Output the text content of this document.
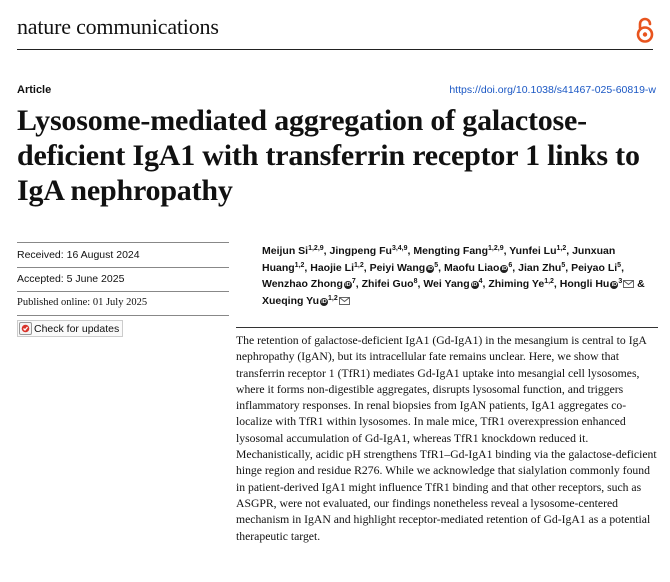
nature communications
Article	https://doi.org/10.1038/s41467-025-60819-w
Lysosome-mediated aggregation of galactose-deficient IgA1 with transferrin receptor 1 links to IgA nephropathy
Received: 16 August 2024
Accepted: 5 June 2025
Published online: 01 July 2025
Check for updates

Meijun Si$^{1,2,9}$, Jingpeng Fu$^{3,4,9}$, Mengting Fang$^{1,2,9}$, Yunfei Lu$^{1,2}$, Junxuan Huang$^{1,2}$, Haojie Li$^{1,2}$, Peiyi Wang $iD^5$, Maofu Liao $iD^6$, Jian Zhu$^5$, Peiyao Li$^5$, Wenzhao Zhong $iD^7$, Zhifei Guo$^8$, Wei Yang $iD^4$, Zhiming Ye$^{1,2}$, Hongli Hu $iD^3$ & Xueqing Yu iD$^{1,2}$

The retention of galactose-deficient IgA1 (Gd-IgA1) in the mesangium is central to IgA nephropathy (IgAN), but its intracellular fate remains unclear. Here, we show that transferrin receptor 1 (TfR1) mediates Gd-IgA1 uptake into mesangial cell lysosomes, where it forms non-digestible aggregates, disrupts lysosomal function, and triggers inflammatory responses. In renal biopsies from IgAN patients, IgA1 aggregates co-localize with TfR1 within lysosomes. In male mice, TfR1 overexpression enhanced lysosomal accumulation of Gd-IgA1, whereas TfR1 knockdown reduced it. Mechanistically, acidic pH strengthens TfR1–Gd-IgA1 binding via the galactose-deficient hinge region and residue R276. While we acknowledge that sialylation commonly found in patient-derived IgA1 might influence TfR1 binding and that other receptors, such as ASGPR, were not evaluated, our findings nonetheless reveal a lysosome-centered mechanism in IgAN and highlight receptor-mediated retention of Gd-IgA1 as a potential therapeutic target.
